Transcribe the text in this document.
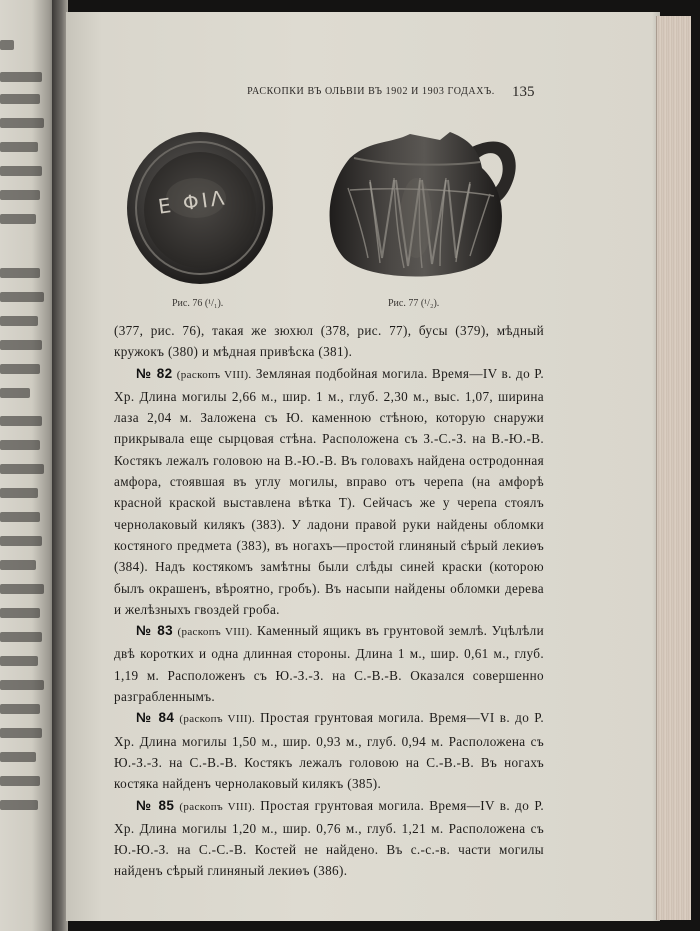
РАСКОПКИ ВЪ ОЛЬВІИ ВЪ 1902 И 1903 ГОДАХЪ.	135
Ε ΦΙΛ
Рис. 76 (¹/₁).	Рис. 77 (¹/₂).

(377, рис. 76), такая же зюхюл (378, рис. 77), бусы (379), мѣдный кружокъ (380) и мѣдная привѣска (381).

№ 82 (раскопъ VIII). Земляная подбойная могила. Время—IV в. до Р. Хр. Длина могилы 2,66 м., шир. 1 м., глуб. 2,30 м., выс. 1,07, ширина лаза 2,04 м. Заложена съ Ю. каменною стѣною, которую снаружи прикрывала еще сырцовая стѣна. Расположена съ З.-С.-З. на В.-Ю.-В. Костякъ лежалъ головою на В.-Ю.-В. Въ головахъ найдена остродонная амфора, стоявшая въ углу могилы, вправо отъ черепа (на амфорѣ красной краской выставлена вѣтка Т). Сейчасъ же у черепа стоялъ чернолаковый килякъ (383). У ладони правой руки найдены обломки костяного предмета (383), въ ногахъ—простой глиняный сѣрый лекиѳъ (384). Надъ костякомъ замѣтны были слѣды синей краски (которою былъ окрашенъ, вѣроятно, гробъ). Въ насыпи найдены обломки дерева и желѣзныхъ гвоздей гроба.

№ 83 (раскопъ VIII). Каменный ящикъ въ грунтовой землѣ. Уцѣлѣли двѣ коротких и одна длинная стороны. Длина 1 м., шир. 0,61 м., глуб. 1,19 м. Расположенъ съ Ю.-З.-З. на С.-В.-В. Оказался совершенно разграбленнымъ.

№ 84 (раскопъ VIII). Простая грунтовая могила. Время—VI в. до Р. Хр. Длина могилы 1,50 м., шир. 0,93 м., глуб. 0,94 м. Расположена съ Ю.-З.-З. на С.-В.-В. Костякъ лежалъ головою на С.-В.-В. Въ ногахъ костяка найденъ чернолаковый килякъ (385).

№ 85 (раскопъ VIII). Простая грунтовая могила. Время—IV в. до Р. Хр. Длина могилы 1,20 м., шир. 0,76 м., глуб. 1,21 м. Расположена съ Ю.-Ю.-З. на С.-С.-В. Костей не найдено. Въ с.-с.-в. части могилы найденъ сѣрый глиняный лекиѳъ (386).
